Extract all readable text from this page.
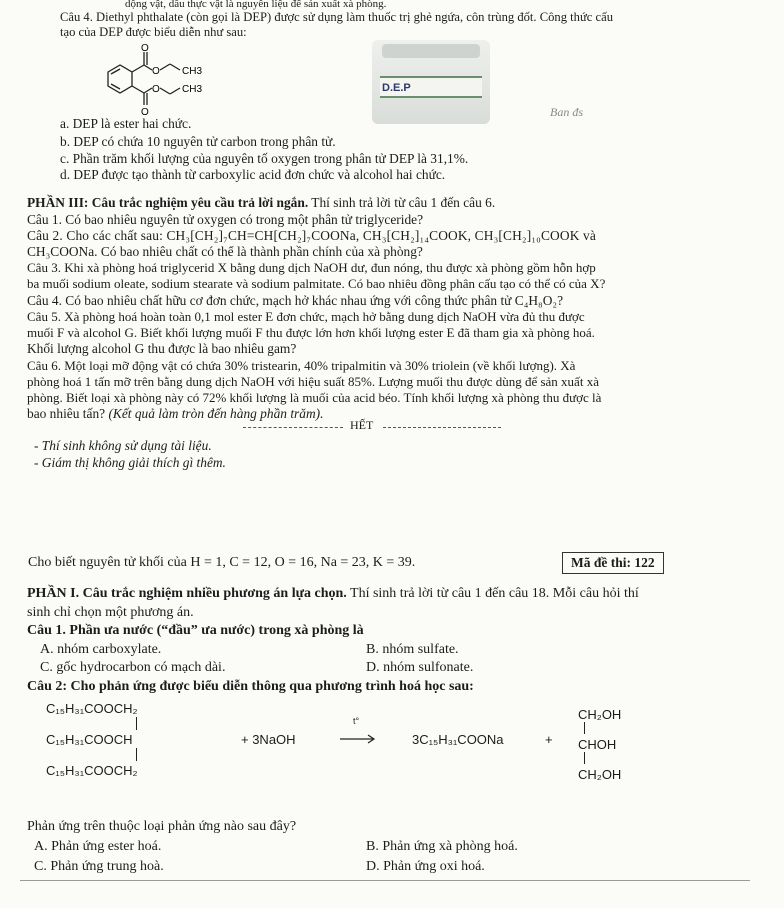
dộng vật, dầu thực vật là nguyên liệu để sản xuất xà phòng.
Câu 4. Diethyl phthalate (còn gọi là DEP) được sử dụng làm thuốc trị ghẻ ngứa, côn trùng đốt. Công thức cấu
tạo của DEP được biểu diễn như sau:
O
O CH3
O CH3
O
D.E.P
Ban đs
a. DEP là ester hai chức.
b. DEP có chứa 10 nguyên tử carbon trong phân tử.
c. Phần trăm khối lượng của nguyên tố oxygen trong phân tử DEP là 31,1%.
d. DEP được tạo thành từ carboxylic acid đơn chức và alcohol hai chức.
PHẦN III: Câu trắc nghiệm yêu cầu trả lời ngắn. Thí sinh trả lời từ câu 1 đến câu 6.
Câu 1. Có bao nhiêu nguyên tử oxygen có trong một phân tử triglyceride?
Câu 2. Cho các chất sau: CH₃[CH₂]₇CH=CH[CH₂]₇COONa, CH₃[CH₂]₁₄COOK, CH₃[CH₂]₁₀COOK và
CH₃COONa. Có bao nhiêu chất có thể là thành phần chính của xà phòng?
Câu 3. Khi xà phòng hoá triglycerid X bằng dung dịch NaOH dư, đun nóng, thu được xà phòng gồm hỗn hợp
ba muối sodium oleate, sodium stearate và sodium palmitate. Có bao nhiêu đồng phân cấu tạo có thể có của X?
Câu 4. Có bao nhiêu chất hữu cơ đơn chức, mạch hở khác nhau ứng với công thức phân tử C₄H₈O₂?
Câu 5. Xà phòng hoá hoàn toàn 0,1 mol ester E đơn chức, mạch hở bằng dung dịch NaOH vừa đủ thu được
muối F và alcohol G. Biết khối lượng muối F thu được lớn hơn khối lượng ester E đã tham gia xà phòng hoá.
Khối lượng alcohol G thu được là bao nhiêu gam?
Câu 6. Một loại mỡ động vật có chứa 30% tristearin, 40% tripalmitin và 30% triolein (về khối lượng). Xà
phòng hoá 1 tấn mỡ trên bằng dung dịch NaOH với hiệu suất 85%. Lượng muối thu được dùng để sản xuất xà
phòng. Biết loại xà phòng này có 72% khối lượng là muối của acid béo. Tính khối lượng xà phòng thu được là
bao nhiêu tấn? (Kết quả làm tròn đến hàng phần trăm).
HẾT
- Thí sinh không sử dụng tài liệu.
- Giám thị không giải thích gì thêm.
Cho biết nguyên tử khối của H = 1, C = 12, O = 16, Na = 23, K = 39.	Mã đề thi: 122
PHẦN I. Câu trắc nghiệm nhiều phương án lựa chọn. Thí sinh trả lời từ câu 1 đến câu 18. Mỗi câu hỏi thí
sinh chỉ chọn một phương án.
Câu 1. Phần ưa nước (“đầu” ưa nước) trong xà phòng là
A. nhóm carboxylate.	B. nhóm sulfate.
C. gốc hydrocarbon có mạch dài.	D. nhóm sulfonate.
Câu 2: Cho phản ứng được biểu diễn thông qua phương trình hoá học sau:
C₁₅H₃₁COOCH₂
C₁₅H₃₁COOCH
C₁₅H₃₁COOCH₂
+ 3NaOH
t°
3C₁₅H₃₁COONa	+
CH₂OH
CHOH
CH₂OH
Phản ứng trên thuộc loại phản ứng nào sau đây?
A. Phản ứng ester hoá.	B. Phản ứng xà phòng hoá.
C. Phản ứng trung hoà.	D. Phản ứng oxi hoá.
